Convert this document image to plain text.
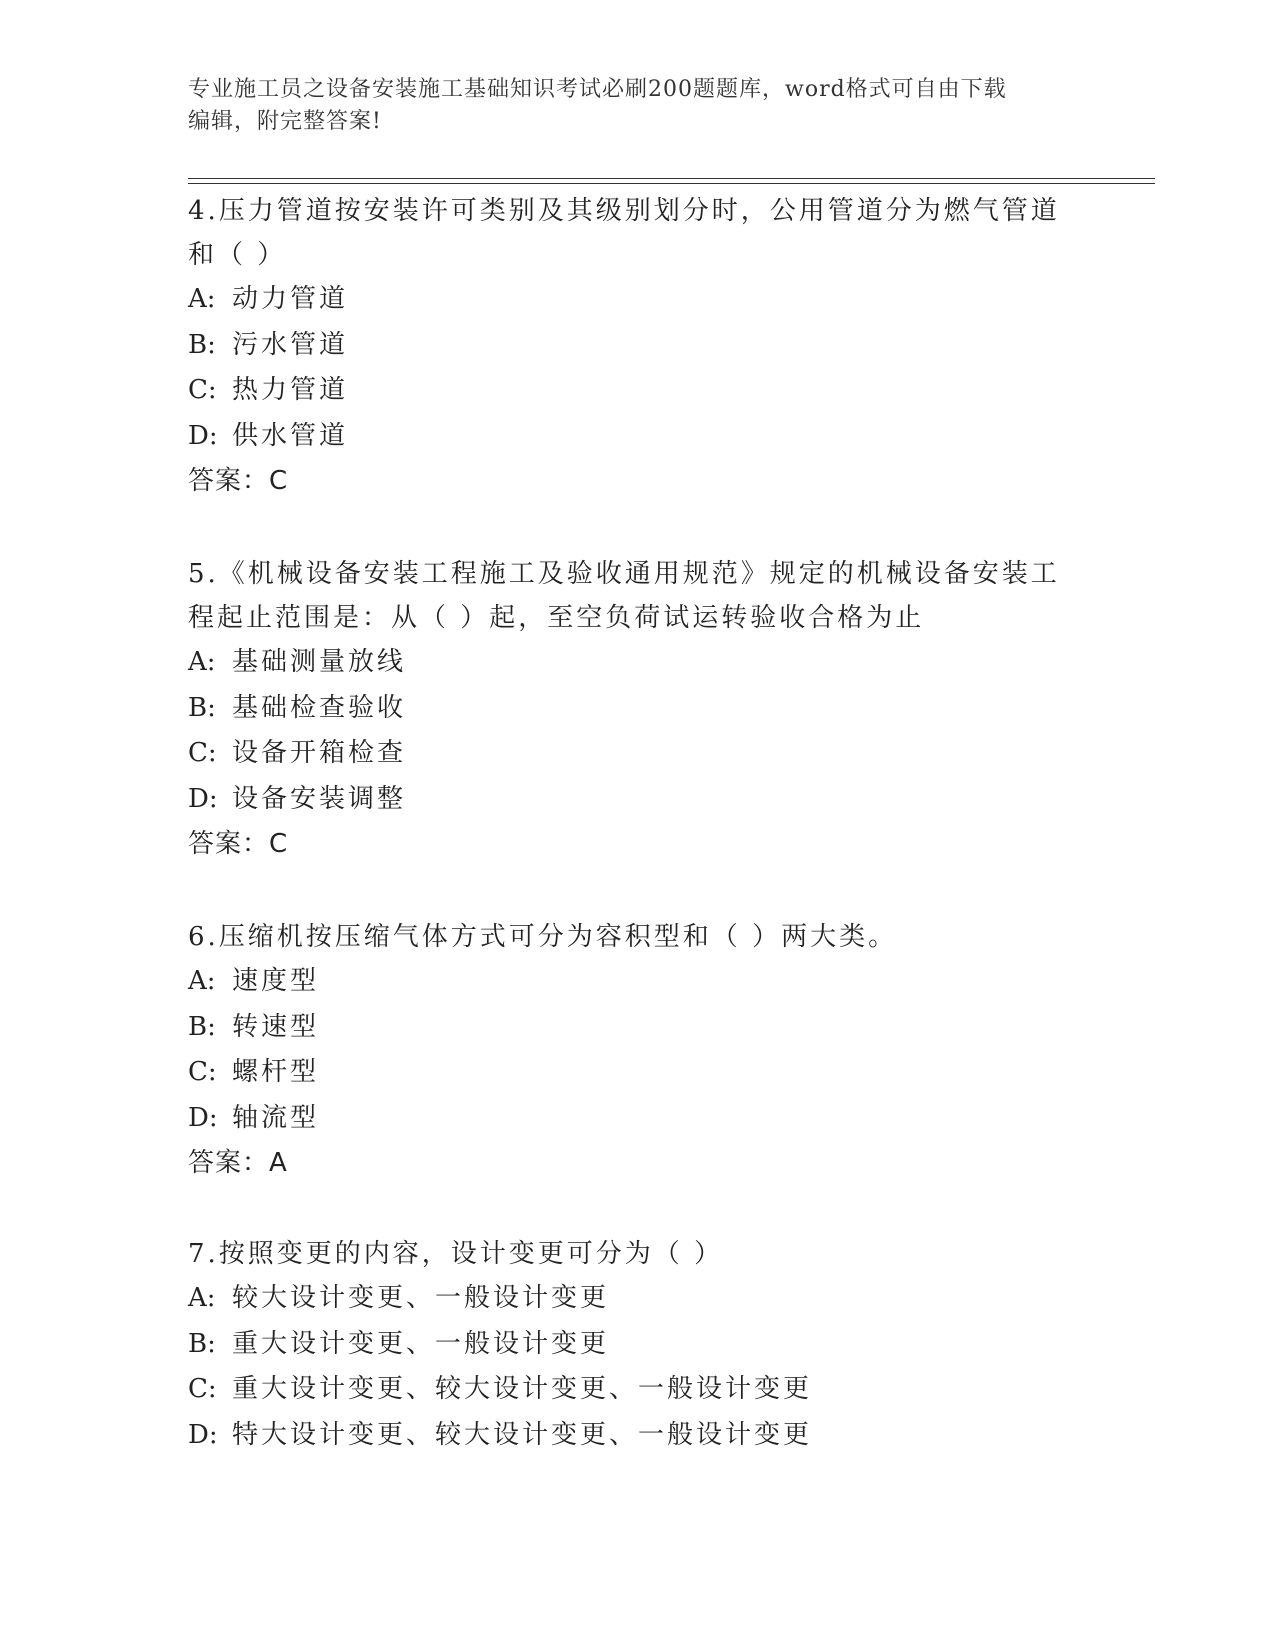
专业施工员之设备安装施工基础知识考试必刷200题题库，word格式可自由下载
编辑，附完整答案!

4.压力管道按安装许可类别及其级别划分时，公用管道分为燃气管道和（ ）

A: 动力管道
B: 污水管道
C: 热力管道
D: 供水管道

答案：C

5.《机械设备安装工程施工及验收通用规范》规定的机械设备安装工程起止范围是：从（ ）起，至空负荷试运转验收合格为止

A: 基础测量放线
B: 基础检查验收
C: 设备开箱检查
D: 设备安装调整

答案：C

6.压缩机按压缩气体方式可分为容积型和（ ）两大类。

A: 速度型
B: 转速型
C: 螺杆型
D: 轴流型

答案：A

7.按照变更的内容，设计变更可分为（ ）

A: 较大设计变更、一般设计变更
B: 重大设计变更、一般设计变更
C: 重大设计变更、较大设计变更、一般设计变更
D: 特大设计变更、较大设计变更、一般设计变更
